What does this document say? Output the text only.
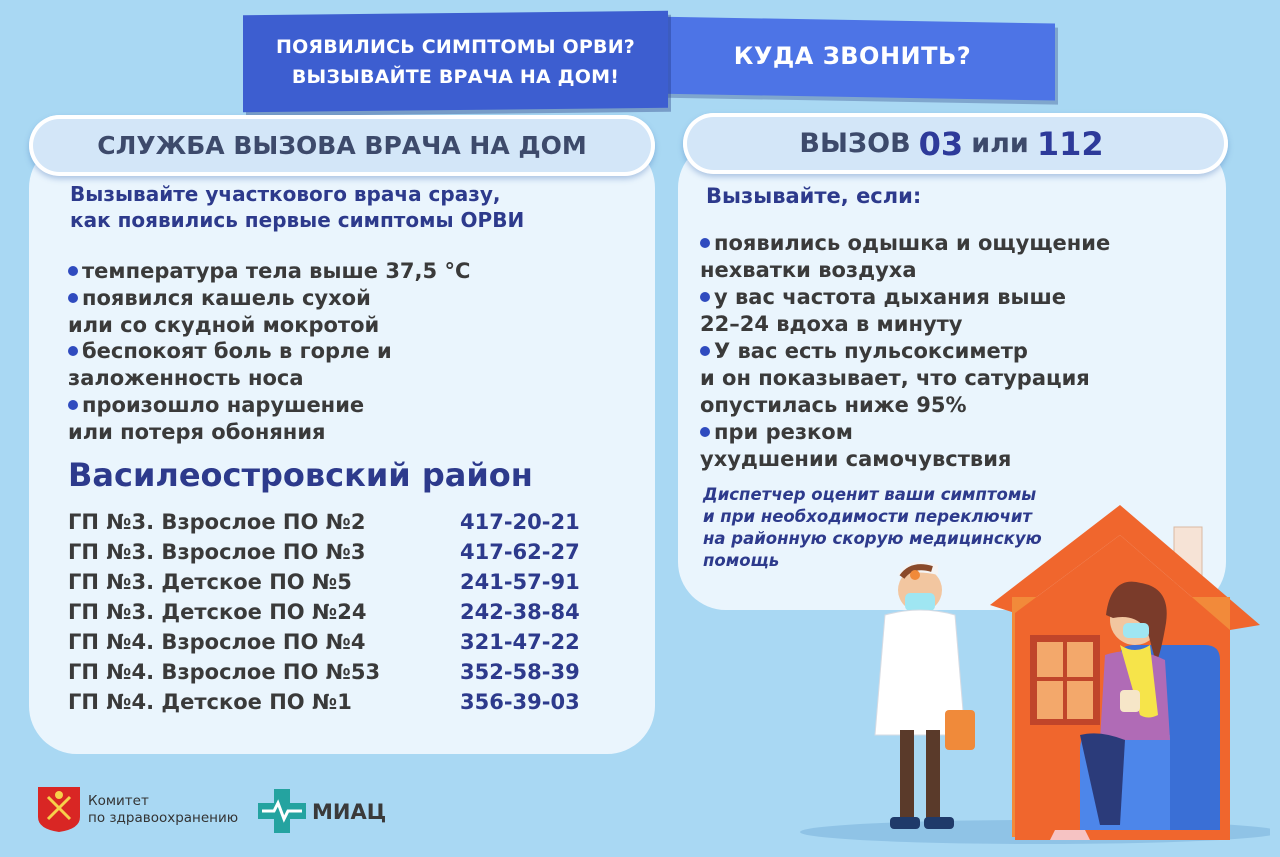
ПОЯВИЛИСЬ СИМПТОМЫ ОРВИ?
ВЫЗЫВАЙТЕ ВРАЧА НА ДОМ!
КУДА ЗВОНИТЬ?
СЛУЖБА ВЫЗОВА ВРАЧА НА ДОМ	ВЫЗОВ 03 или 112
Вызывайте участкового врача сразу,
как появились первые симптомы ОРВИ
температура тела выше 37,5 °С
появился кашель сухой
или со скудной мокротой
беспокоят боль в горле и
заложенность носа
произошло нарушение
или потеря обоняния
Василеостровский район
ГП №3. Взрослое ПО №2	417-20-21
ГП №3. Взрослое ПО №3	417-62-27
ГП №3. Детское ПО №5	241-57-91
ГП №3. Детское ПО №24	242-38-84
ГП №4. Взрослое ПО №4	321-47-22
ГП №4. Взрослое ПО №53	352-58-39
ГП №4. Детское ПО №1	356-39-03
Вызывайте, если:
появились одышка и ощущение
нехватки воздуха
у вас частота дыхания выше
22–24 вдоха в минуту
У вас есть пульсоксиметр
и он показывает, что сатурация
опустилась ниже 95%
при резком
ухудшении самочувствия
Диспетчер оценит ваши симптомы
и при необходимости переключит
на районную скорую медицинскую
помощь
Комитет
по здравоохранению	МИАЦ
